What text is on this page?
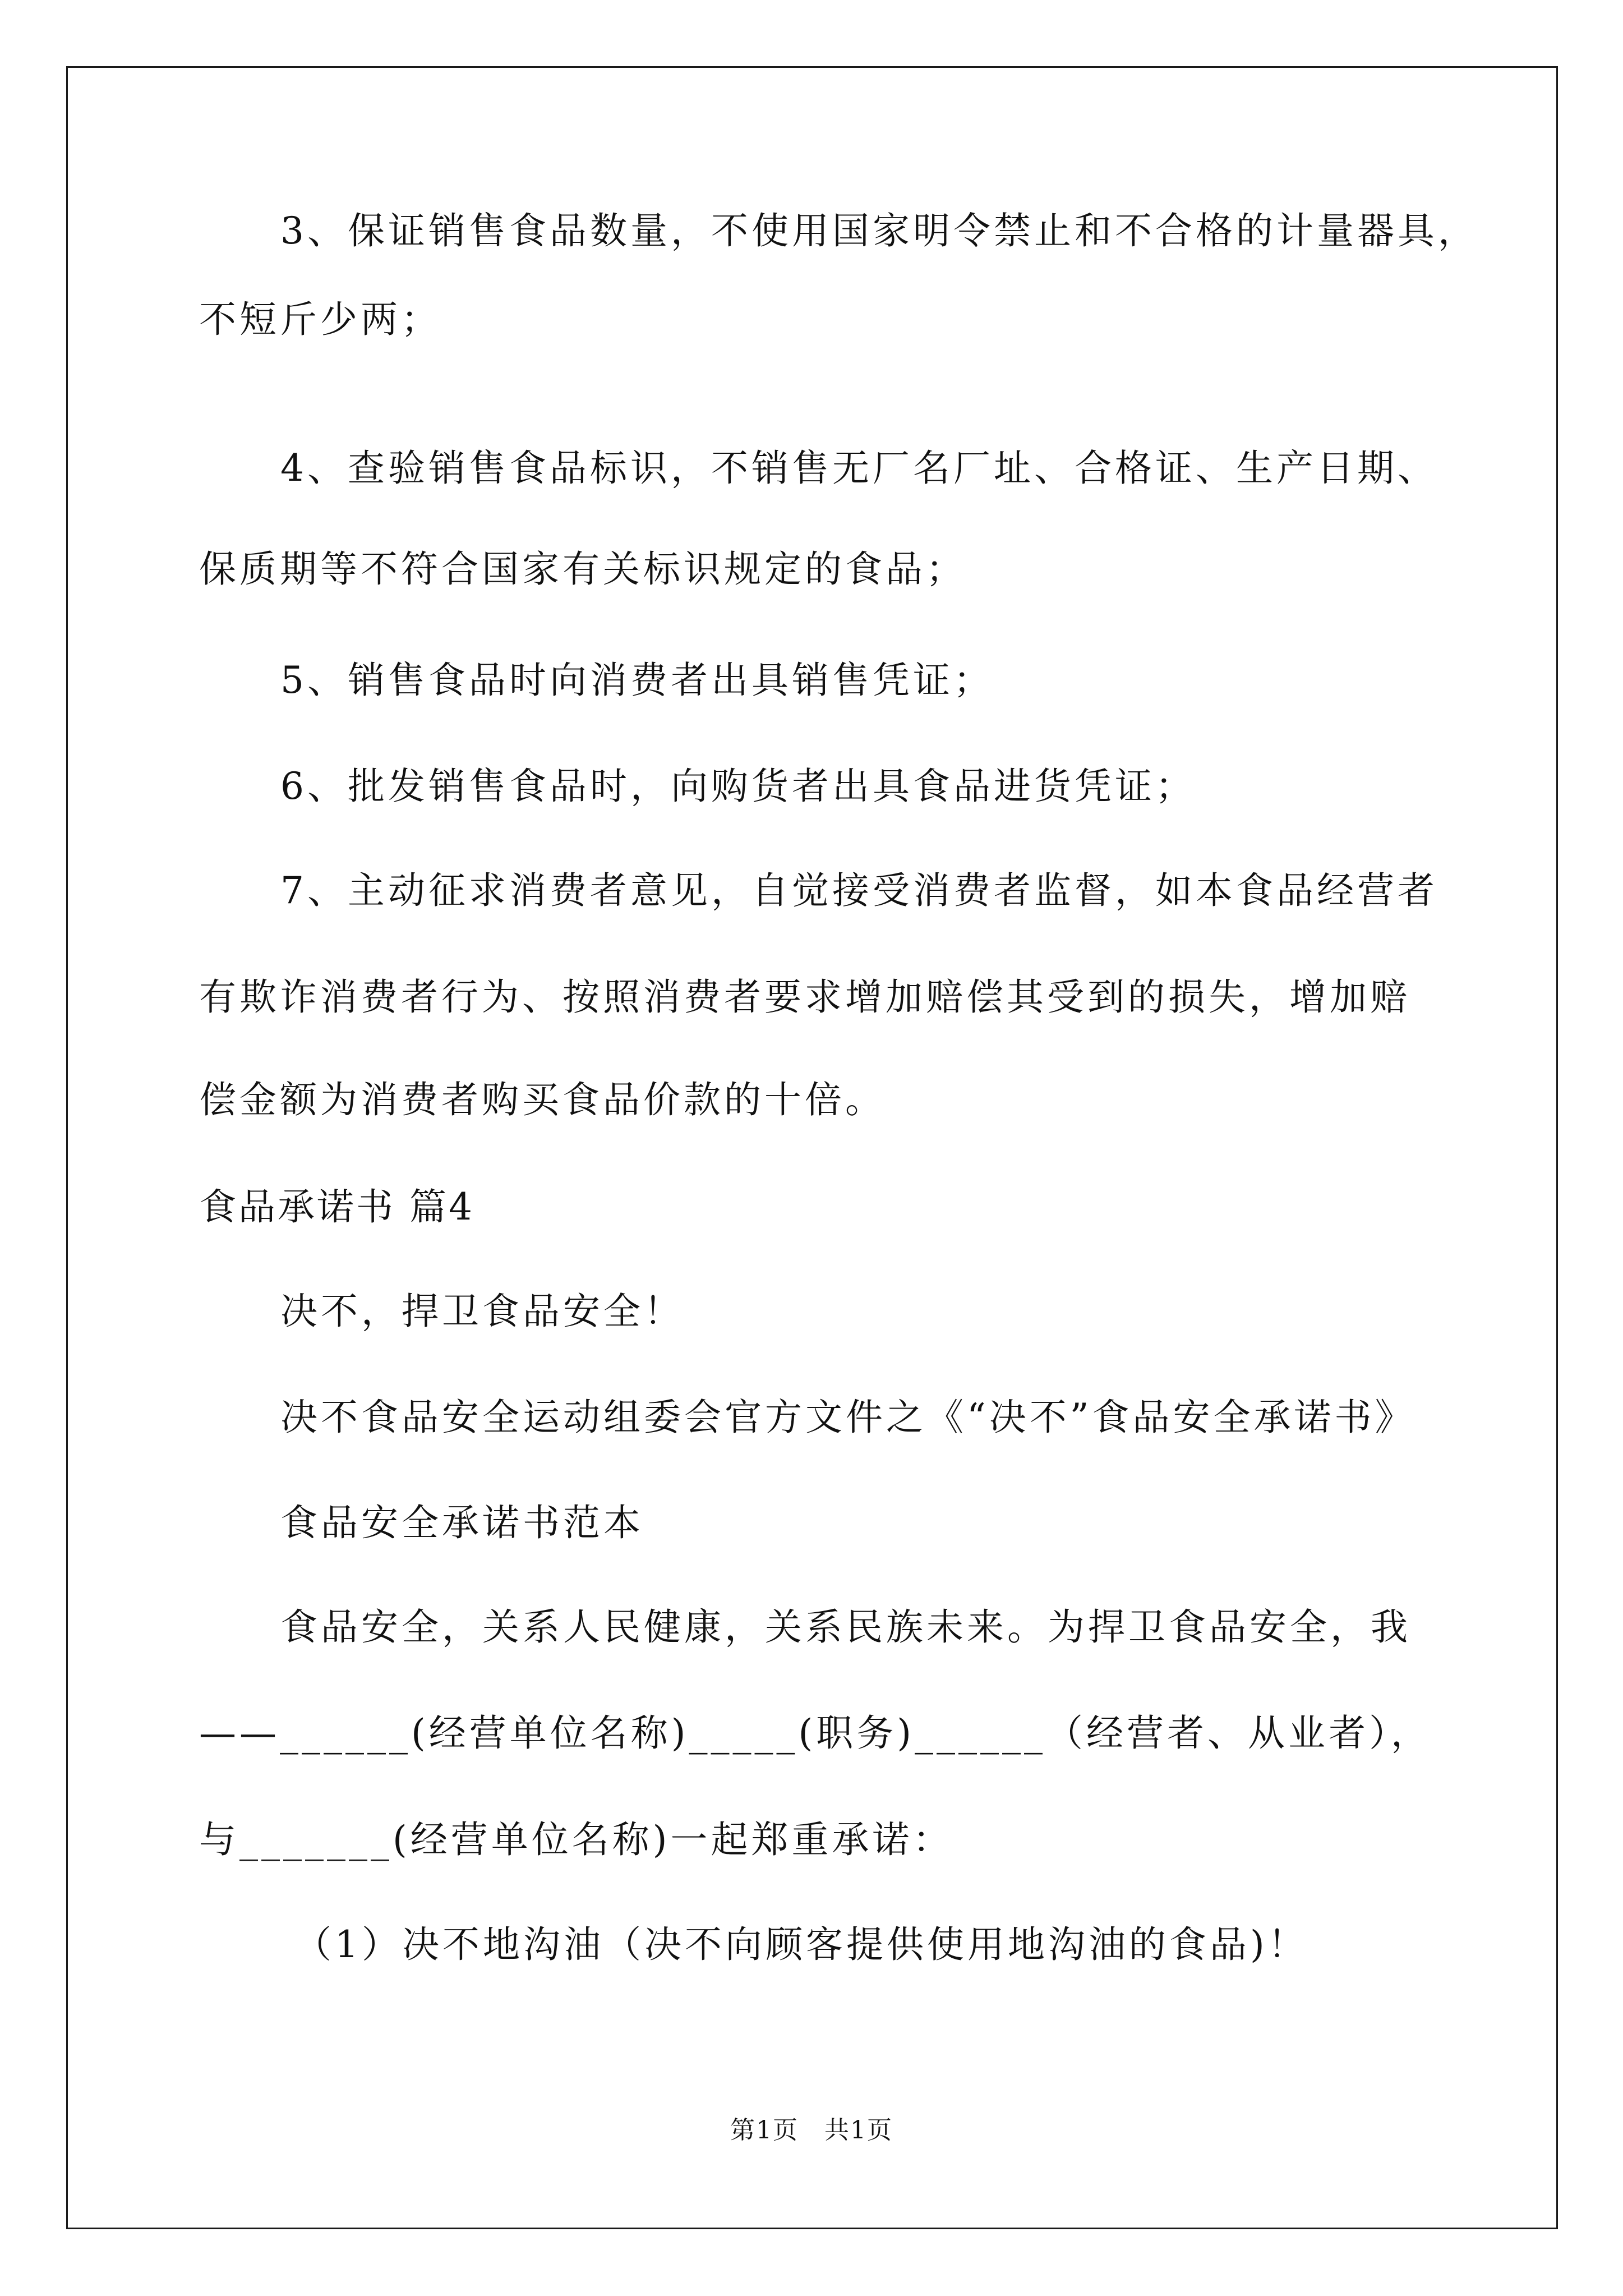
3、保证销售食品数量，不使用国家明令禁止和不合格的计量器具，
不短斤少两；
4、查验销售食品标识，不销售无厂名厂址、合格证、生产日期、
保质期等不符合国家有关标识规定的食品；
5、销售食品时向消费者出具销售凭证；
6、批发销售食品时，向购货者出具食品进货凭证；
7、主动征求消费者意见，自觉接受消费者监督，如本食品经营者
有欺诈消费者行为、按照消费者要求增加赔偿其受到的损失，增加赔
偿金额为消费者购买食品价款的十倍。
食品承诺书 篇4
决不，捍卫食品安全！
决不食品安全运动组委会官方文件之《“决不”食品安全承诺书》
食品安全承诺书范本
食品安全，关系人民健康，关系民族未来。为捍卫食品安全，我
——______(经营单位名称)_____(职务)______（经营者、从业者），
与_______(经营单位名称)一起郑重承诺：
（1）决不地沟油（决不向顾客提供使用地沟油的食品)！
第1页　共1页
